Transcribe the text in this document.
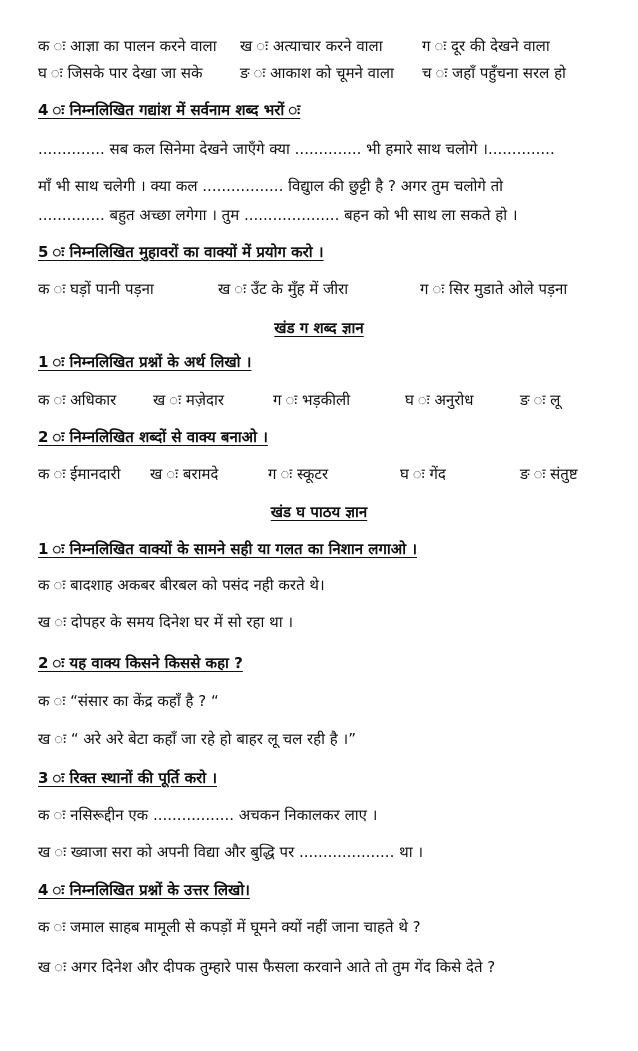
क ः आज्ञा का पालन करने वाला ख ः अत्याचार करने वाला	ग ः दूर की देखने वाला
घ ः जिसके पार देखा जा सके ङ ः आकाश को चूमने वाला च ः जहाँ पहुँचना सरल हो
4 ः निम्नलिखित गद्यांश में सर्वनाम शब्द भरों ः
.............. सब कल सिनेमा देखने जाएँगे क्या .............. भी हमारे साथ चलोगे ।..............
माँ भी साथ चलेगी । क्या कल ................. विद्युाल की छुट्टी है ? अगर तुम चलोगे तो
.............. बहुत अच्छा लगेगा । तुम .................... बहन को भी साथ ला सकते हो ।
5 ः निम्नलिखित मुहावरों का वाक्यों में प्रयोग करो ।
क ः घड़ों पानी पड़ना	ख ः उँट के मुँह में जीरा	ग ः सिर मुडाते ओले पड़ना
खंड ग शब्द ज्ञान
1 ः निम्नलिखित प्रश्नों के अर्थ लिखो ।
क ः अधिकार ख ः मज़ेदार	ग ः भड़कीली	घ ः अनुरोध	ङ ः लू
2 ः निम्नलिखित शब्दों से वाक्य बनाओ ।
क ः ईमानदारी ख ः बरामदे	ग ः स्कूटर	घ ः गेंद	ङ ः संतुष्ट
खंड घ पाठय ज्ञान
1 ः निम्नलिखित वाक्यों के सामने सही या गलत का निशान लगाओ ।
क ः बादशाह अकबर बीरबल को पसंद नही करते थे।
ख ः दोपहर के समय दिनेश घर में सो रहा था ।
2 ः यह वाक्य किसने किससे कहा ?
क ः “संसार का केंद्र कहाँ है ? “
ख ः “ अरे अरे बेटा कहाँ जा रहे हो बाहर लू चल रही है ।”
3 ः रिक्त स्थानों की पूर्ति करो ।
क ः नसिरूद्दीन एक ................. अचकन निकालकर लाए ।
ख ः ख्वाजा सरा को अपनी विद्या और बुद्धि पर .................... था ।
4 ः निम्नलिखित प्रश्नों के उत्तर लिखो।
क ः जमाल साहब मामूली से कपड़ों में घूमने क्यों नहीं जाना चाहते थे ?
ख ः अगर दिनेश और दीपक तुम्हारे पास फैसला करवाने आते तो तुम गेंद किसे देते ?
